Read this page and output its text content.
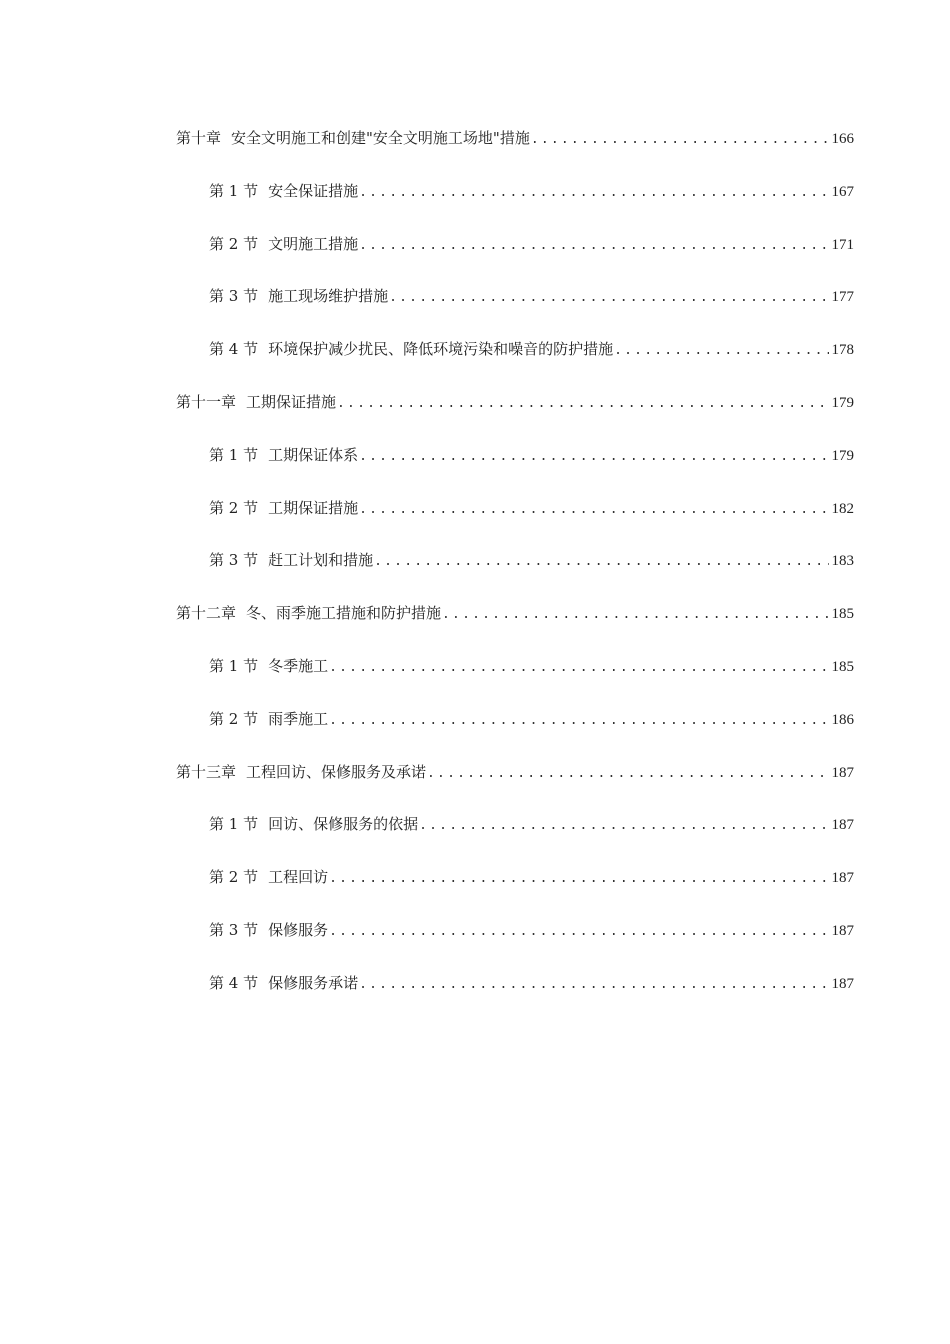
第十章 安全文明施工和创建"安全文明施工场地"措施 .....	166
第 1 节 安全保证措施 .....	167
第 2 节 文明施工措施 .....	171
第 3 节 施工现场维护措施 .....	177
第 4 节 环境保护减少扰民、降低环境污染和噪音的防护措施 .....	178
第十一章 工期保证措施 .....	179
第 1 节 工期保证体系 .....	179
第 2 节 工期保证措施 .....	182
第 3 节 赶工计划和措施 .....	183
第十二章 冬、雨季施工措施和防护措施 .....	185
第 1 节 冬季施工 .....	185
第 2 节 雨季施工 .....	186
第十三章 工程回访、保修服务及承诺 .....	187
第 1 节 回访、保修服务的依据 .....	187
第 2 节 工程回访 .....	187
第 3 节 保修服务 .....	187
第 4 节 保修服务承诺 .....	187
